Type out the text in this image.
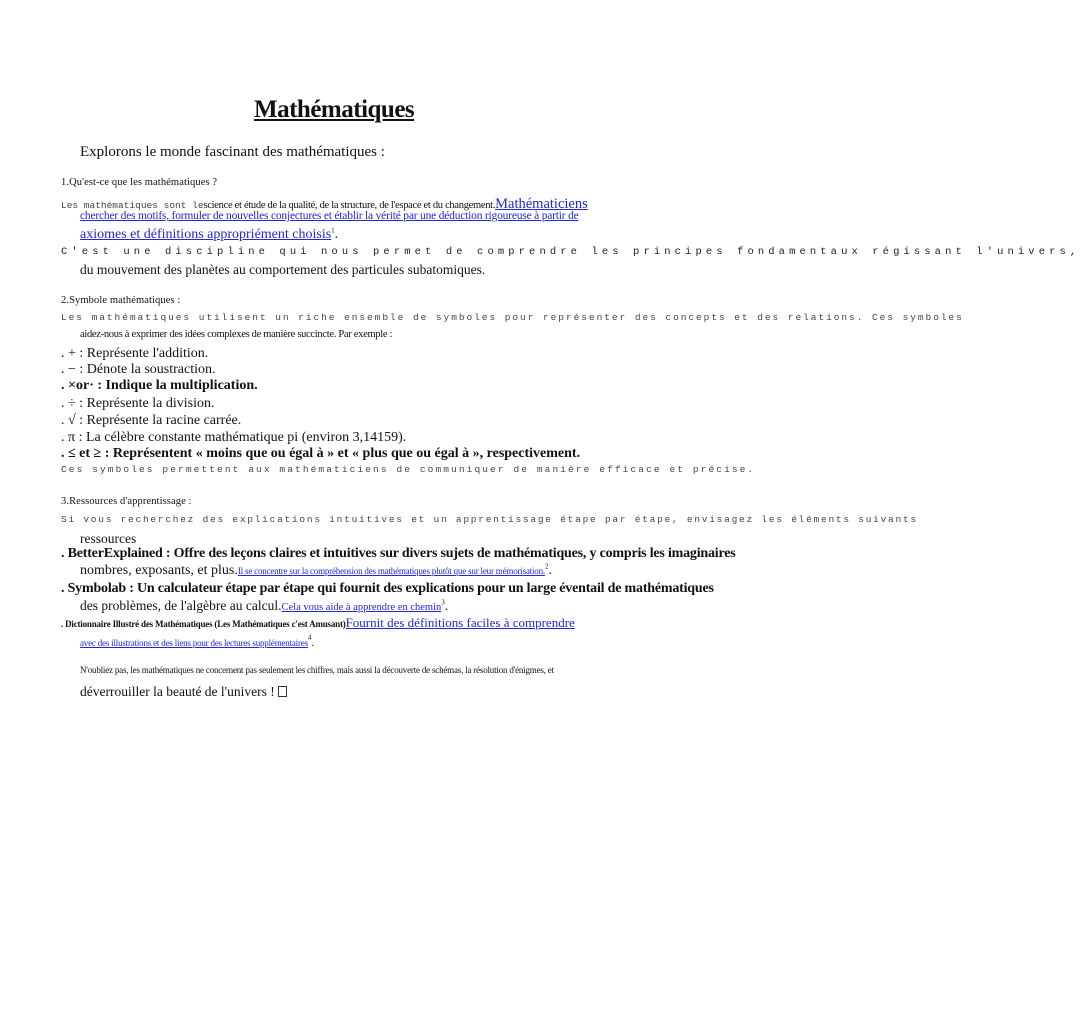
Mathématiques
Explorons le monde fascinant des mathématiques :
1.Qu'est-ce que les mathématiques ?
Les mathématiques sont lescience et étude de la qualité, de la structure, de l'espace et du changement.Mathématiciens
chercher des motifs, formuler de nouvelles conjectures et établir la vérité par une déduction rigoureuse à partir de
axiomes et définitions appropriément choisis$^1$.
C'est une discipline qui nous permet de comprendre les principes fondamentaux régissant l'univers,
du mouvement des planètes au comportement des particules subatomiques.
2.Symbole mathématiques :
Les mathématiques utilisent un riche ensemble de symboles pour représenter des concepts et des relations. Ces symboles
aidez-nous à exprimer des idées complexes de manière succincte. Par exemple :
. + : Représente l'addition.
. − : Dénote la soustraction.
. ×or· : Indique la multiplication.
. ÷ : Représente la division.
. √ : Représente la racine carrée.
. π : La célèbre constante mathématique pi (environ 3,14159).
. ≤ et ≥ : Représentent « moins que ou égal à » et « plus que ou égal à », respectivement.
Ces symboles permettent aux mathématiciens de communiquer de manière efficace et précise.
3.Ressources d'apprentissage :
Si vous recherchez des explications intuitives et un apprentissage étape par étape, envisagez les éléments suivants
ressources
. BetterExplained : Offre des leçons claires et intuitives sur divers sujets de mathématiques, y compris les imaginaires
nombres, exposants, et plus.Il se concentre sur la compréhension des mathématiques plutôt que sur leur mémorisation.$^2$.
. Symbolab : Un calculateur étape par étape qui fournit des explications pour un large éventail de mathématiques
des problèmes, de l'algèbre au calcul.Cela vous aide à apprendre en chemin$^3$.
. Dictionnaire Illustré des Mathématiques (Les Mathématiques c'est Amusant)Fournit des définitions faciles à comprendre
avec des illustrations et des liens pour des lectures supplémentaires$^4$.
N'oubliez pas, les mathématiques ne concernent pas seulement les chiffres, mais aussi la découverte de schémas, la résolution d'énigmes, et
déverrouiller la beauté de l'univers !
